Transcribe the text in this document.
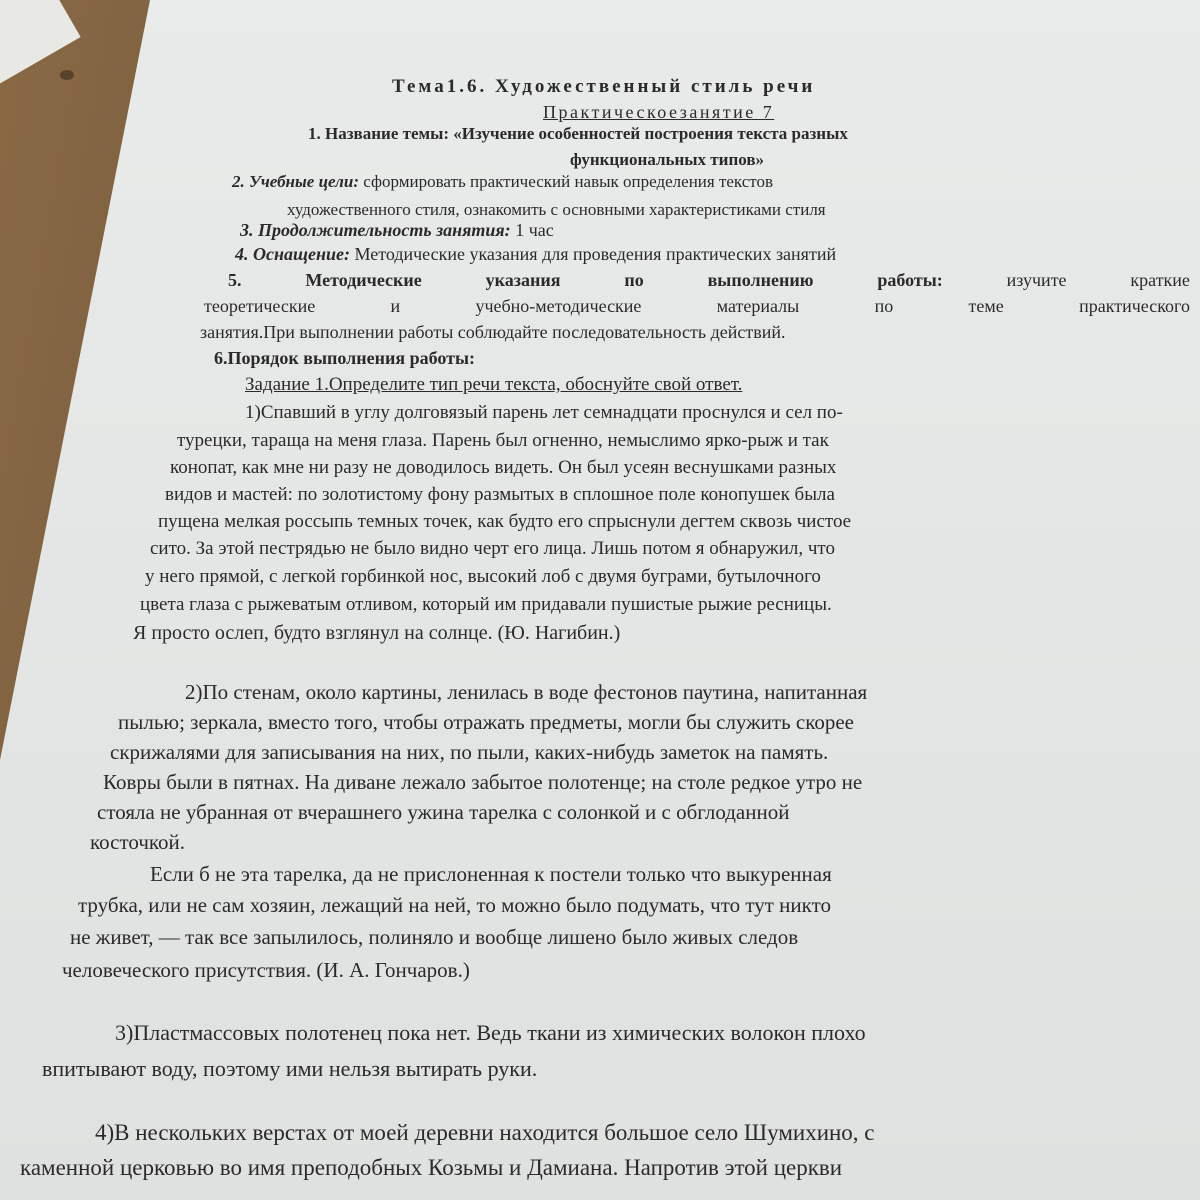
Тема1.6. Художественный стиль речи
Практическоезанятие 7
1. Название темы: «Изучение особенностей построения текста разных
функциональных типов»
2. Учебные цели: сформировать практический навык определения текстов
художественного стиля, ознакомить с основными характеристиками стиля
3. Продолжительность занятия: 1 час
4. Оснащение: Методические указания для проведения практических занятий
5.	Методические	указания	по	выполнению	работы:	изучите	краткие
теоретические	и	учебно-методические	материалы	по	теме	практического
занятия.При выполнении работы соблюдайте последовательность действий.
6.Порядок выполнения работы:
Задание 1.Определите тип речи текста, обоснуйте свой ответ.
1)Спавший в углу долговязый парень лет семнадцати проснулся и сел по-
турецки, тараща на меня глаза. Парень был огненно, немыслимо ярко-рыж и так
конопат, как мне ни разу не доводилось видеть. Он был усеян веснушками разных
видов и мастей: по золотистому фону размытых в сплошное поле конопушек была
пущена мелкая россыпь темных точек, как будто его спрыснули дегтем сквозь чистое
сито. За этой пестрядью не было видно черт его лица. Лишь потом я обнаружил, что
у него прямой, с легкой горбинкой нос, высокий лоб с двумя буграми, бутылочного
цвета глаза с рыжеватым отливом, который им придавали пушистые рыжие ресницы.
Я просто ослеп, будто взглянул на солнце. (Ю. Нагибин.)
2)По стенам, около картины, ленилась в воде фестонов паутина, напитанная
пылью; зеркала, вместо того, чтобы отражать предметы, могли бы служить скорее
скрижалями для записывания на них, по пыли, каких-нибудь заметок на память.
Ковры были в пятнах. На диване лежало забытое полотенце; на столе редкое утро не
стояла не убранная от вчерашнего ужина тарелка с солонкой и с обглоданной
косточкой.
Если б не эта тарелка, да не прислоненная к постели только что выкуренная
трубка, или не сам хозяин, лежащий на ней, то можно было подумать, что тут никто
не живет, — так все запылилось, полиняло и вообще лишено было живых следов
человеческого присутствия. (И. А. Гончаров.)
3)Пластмассовых полотенец пока нет. Ведь ткани из химических волокон плохо
впитывают воду, поэтому ими нельзя вытирать руки.
4)В нескольких верстах от моей деревни находится большое село Шумихино, с
каменной церковью во имя преподобных Козьмы и Дамиана. Напротив этой церкви
